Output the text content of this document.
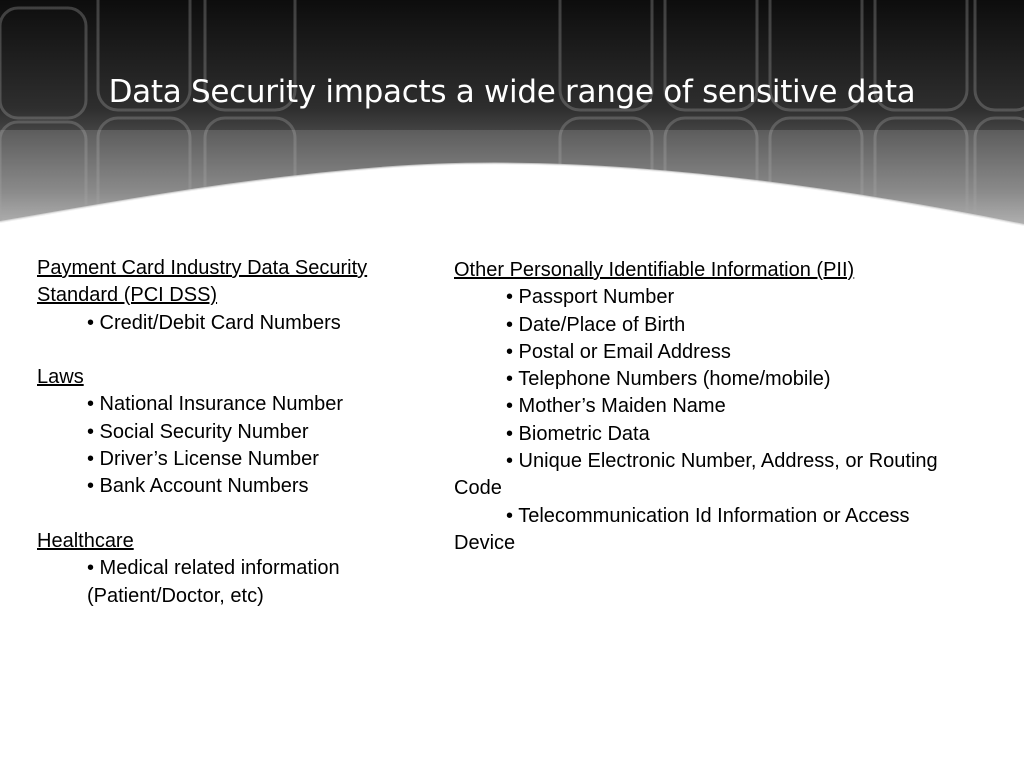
Data Security impacts a wide range of sensitive data
Payment Card Industry Data Security
Standard (PCI DSS)
• Credit/Debit Card Numbers
Laws
• National Insurance Number
• Social Security Number
• Driver’s License Number
• Bank Account Numbers
Healthcare
• Medical related information
(Patient/Doctor, etc)
Other Personally Identifiable Information (PII)
• Passport Number
• Date/Place of Birth
• Postal or Email Address
• Telephone Numbers (home/mobile)
• Mother’s Maiden Name
• Biometric Data
• Unique Electronic Number, Address, or Routing
Code
• Telecommunication Id Information or Access
Device
